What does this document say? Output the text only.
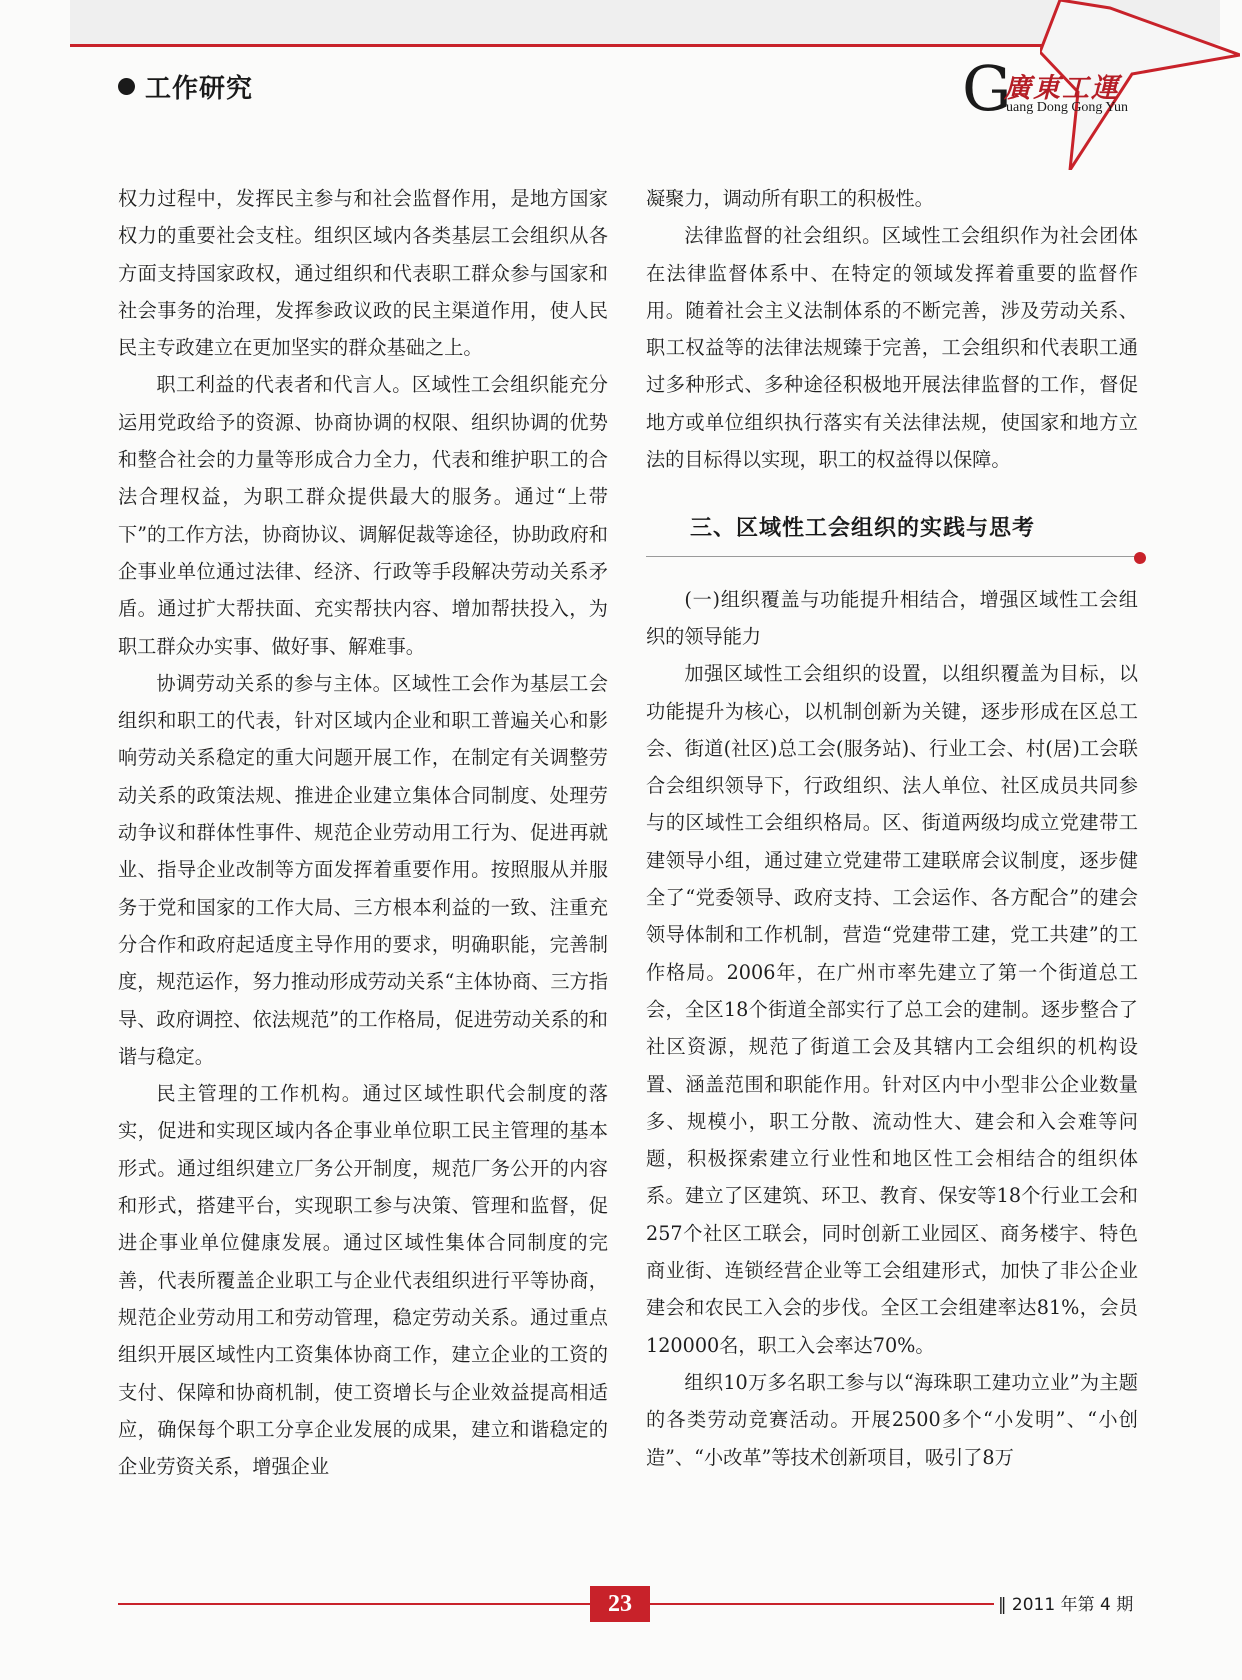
工作研究	G
廣東工運
uang Dong Gong Yun

权力过程中，发挥民主参与和社会监督作用，是地方国家权力的重要社会支柱。组织区域内各类基层工会组织从各方面支持国家政权，通过组织和代表职工群众参与国家和社会事务的治理，发挥参政议政的民主渠道作用，使人民民主专政建立在更加坚实的群众基础之上。

职工利益的代表者和代言人。区域性工会组织能充分运用党政给予的资源、协商协调的权限、组织协调的优势和整合社会的力量等形成合力全力，代表和维护职工的合法合理权益，为职工群众提供最大的服务。通过“上带下”的工作方法，协商协议、调解促裁等途径，协助政府和企事业单位通过法律、经济、行政等手段解决劳动关系矛盾。通过扩大帮扶面、充实帮扶内容、增加帮扶投入，为职工群众办实事、做好事、解难事。

协调劳动关系的参与主体。区域性工会作为基层工会组织和职工的代表，针对区域内企业和职工普遍关心和影响劳动关系稳定的重大问题开展工作，在制定有关调整劳动关系的政策法规、推进企业建立集体合同制度、处理劳动争议和群体性事件、规范企业劳动用工行为、促进再就业、指导企业改制等方面发挥着重要作用。按照服从并服务于党和国家的工作大局、三方根本利益的一致、注重充分合作和政府起适度主导作用的要求，明确职能，完善制度，规范运作，努力推动形成劳动关系“主体协商、三方指导、政府调控、依法规范”的工作格局，促进劳动关系的和谐与稳定。

民主管理的工作机构。通过区域性职代会制度的落实，促进和实现区域内各企事业单位职工民主管理的基本形式。通过组织建立厂务公开制度，规范厂务公开的内容和形式，搭建平台，实现职工参与决策、管理和监督，促进企事业单位健康发展。通过区域性集体合同制度的完善，代表所覆盖企业职工与企业代表组织进行平等协商，规范企业劳动用工和劳动管理，稳定劳动关系。通过重点组织开展区域性内工资集体协商工作，建立企业的工资的支付、保障和协商机制，使工资增长与企业效益提高相适应，确保每个职工分享企业发展的成果，建立和谐稳定的企业劳资关系，增强企业

凝聚力，调动所有职工的积极性。

法律监督的社会组织。区域性工会组织作为社会团体在法律监督体系中、在特定的领域发挥着重要的监督作用。随着社会主义法制体系的不断完善，涉及劳动关系、职工权益等的法律法规臻于完善，工会组织和代表职工通过多种形式、多种途径积极地开展法律监督的工作，督促地方或单位组织执行落实有关法律法规，使国家和地方立法的目标得以实现，职工的权益得以保障。

三、区域性工会组织的实践与思考

(一)组织覆盖与功能提升相结合，增强区域性工会组织的领导能力

加强区域性工会组织的设置，以组织覆盖为目标，以功能提升为核心，以机制创新为关键，逐步形成在区总工会、街道(社区)总工会(服务站)、行业工会、村(居)工会联合会组织领导下，行政组织、法人单位、社区成员共同参与的区域性工会组织格局。区、街道两级均成立党建带工建领导小组，通过建立党建带工建联席会议制度，逐步健全了“党委领导、政府支持、工会运作、各方配合”的建会领导体制和工作机制，营造“党建带工建，党工共建”的工作格局。2006年，在广州市率先建立了第一个街道总工会，全区18个街道全部实行了总工会的建制。逐步整合了社区资源，规范了街道工会及其辖内工会组织的机构设置、涵盖范围和职能作用。针对区内中小型非公企业数量多、规模小，职工分散、流动性大、建会和入会难等问题，积极探索建立行业性和地区性工会相结合的组织体系。建立了区建筑、环卫、教育、保安等18个行业工会和257个社区工联会，同时创新工业园区、商务楼宇、特色商业街、连锁经营企业等工会组建形式，加快了非公企业建会和农民工入会的步伐。全区工会组建率达81%，会员120000名，职工入会率达70%。

组织10万多名职工参与以“海珠职工建功立业”为主题的各类劳动竞赛活动。开展2500多个“小发明”、“小创造”、“小改革”等技术创新项目，吸引了8万

23	‖ 2011 年第 4 期
